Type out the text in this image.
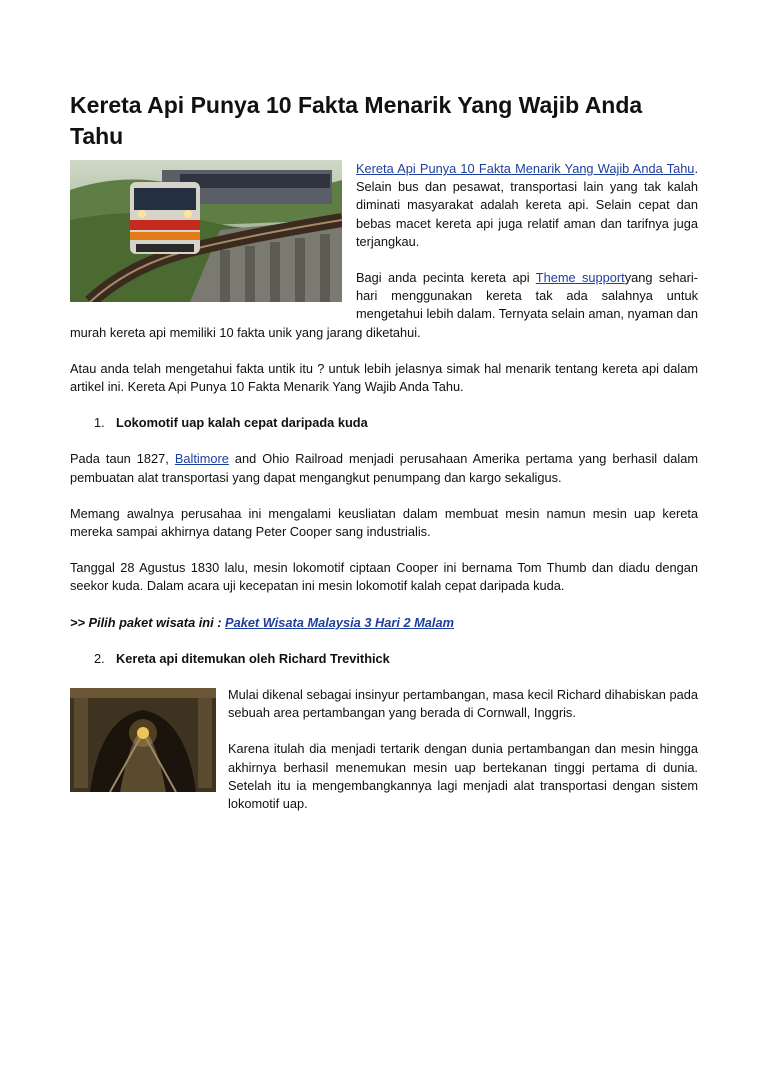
Kereta Api Punya 10 Fakta Menarik Yang Wajib Anda Tahu

Kereta Api Punya 10 Fakta Menarik Yang Wajib Anda Tahu. Selain bus dan pesawat, transportasi lain yang tak kalah diminati masyarakat adalah kereta api. Selain cepat dan bebas macet kereta api juga relatif aman dan tarifnya juga terjangkau.

Bagi anda pecinta kereta api Theme supportyang sehari-hari menggunakan kereta tak ada salahnya untuk mengetahui lebih dalam. Ternyata selain aman, nyaman dan murah kereta api memiliki 10 fakta unik yang jarang diketahui.

Atau anda telah mengetahui fakta untik itu ? untuk lebih jelasnya simak hal menarik tentang kereta api dalam artikel ini. Kereta Api Punya 10 Fakta Menarik Yang Wajib Anda Tahu.

1. Lokomotif uap kalah cepat daripada kuda

Pada taun 1827, Baltimore and Ohio Railroad menjadi perusahaan Amerika pertama yang berhasil dalam pembuatan alat transportasi yang dapat mengangkut penumpang dan kargo sekaligus.

Memang awalnya perusahaa ini mengalami keusliatan dalam membuat mesin namun mesin uap kereta mereka sampai akhirnya datang Peter Cooper sang industrialis.

Tanggal 28 Agustus 1830 lalu, mesin lokomotif ciptaan Cooper ini bernama Tom Thumb dan diadu dengan seekor kuda. Dalam acara uji kecepatan ini mesin lokomotif kalah cepat daripada kuda.

>> Pilih paket wisata ini : Paket Wisata Malaysia 3 Hari 2 Malam
2. Kereta api ditemukan oleh Richard Trevithick

Mulai dikenal sebagai insinyur pertambangan, masa kecil Richard dihabiskan pada sebuah area pertambangan yang berada di Cornwall, Inggris.

Karena itulah dia menjadi tertarik dengan dunia pertambangan dan mesin hingga akhirnya berhasil menemukan mesin uap bertekanan tinggi pertama di dunia. Setelah itu ia mengembangkannya lagi menjadi alat transportasi dengan sistem lokomotif uap.
